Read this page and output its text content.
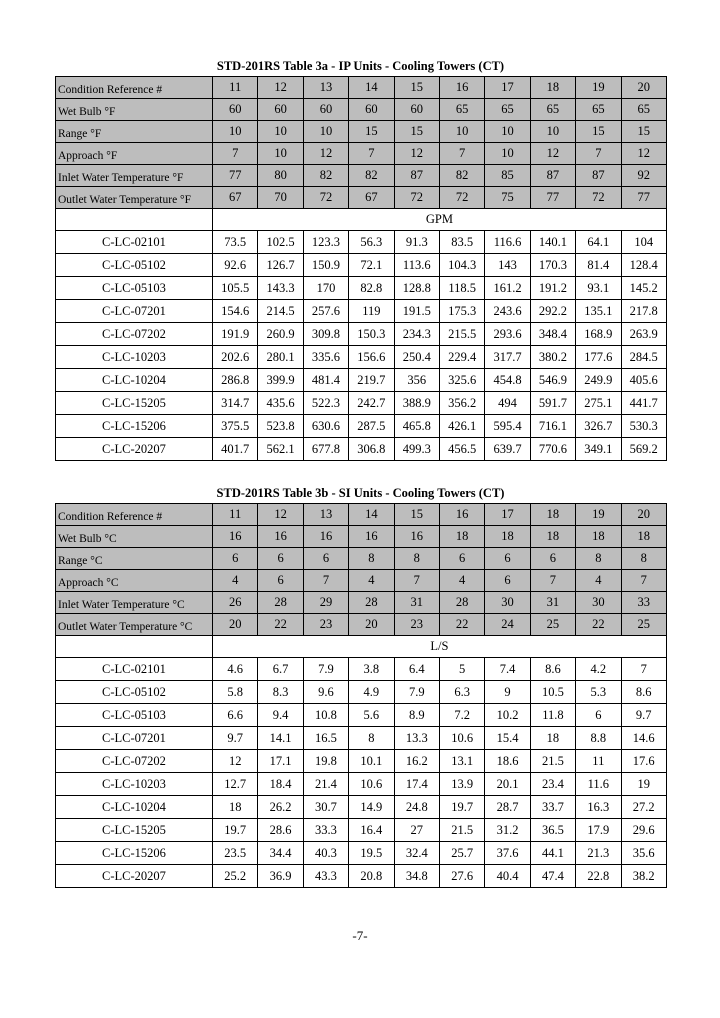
STD-201RS Table 3a - IP Units - Cooling Towers (CT)
Condition Reference #	11	12	13	14	15	16	17	18	19	20
Wet Bulb °F	60	60	60	60	60	65	65	65	65	65
Range °F	10	10	10	15	15	10	10	10	15	15
Approach °F	7	10	12	7	12	7	10	12	7	12
Inlet Water Temperature °F	77	80	82	82	87	82	85	87	87	92
Outlet Water Temperature °F	67	70	72	67	72	72	75	77	72	77
	GPM									
C-LC-02101	73.5	102.5	123.3	56.3	91.3	83.5	116.6	140.1	64.1	104
C-LC-05102	92.6	126.7	150.9	72.1	113.6	104.3	143	170.3	81.4	128.4
C-LC-05103	105.5	143.3	170	82.8	128.8	118.5	161.2	191.2	93.1	145.2
C-LC-07201	154.6	214.5	257.6	119	191.5	175.3	243.6	292.2	135.1	217.8
C-LC-07202	191.9	260.9	309.8	150.3	234.3	215.5	293.6	348.4	168.9	263.9
C-LC-10203	202.6	280.1	335.6	156.6	250.4	229.4	317.7	380.2	177.6	284.5
C-LC-10204	286.8	399.9	481.4	219.7	356	325.6	454.8	546.9	249.9	405.6
C-LC-15205	314.7	435.6	522.3	242.7	388.9	356.2	494	591.7	275.1	441.7
C-LC-15206	375.5	523.8	630.6	287.5	465.8	426.1	595.4	716.1	326.7	530.3
C-LC-20207	401.7	562.1	677.8	306.8	499.3	456.5	639.7	770.6	349.1	569.2
STD-201RS Table 3b - SI Units - Cooling Towers (CT)
Condition Reference #	11	12	13	14	15	16	17	18	19	20
Wet Bulb °C	16	16	16	16	16	18	18	18	18	18
Range °C	6	6	6	8	8	6	6	6	8	8
Approach °C	4	6	7	4	7	4	6	7	4	7
Inlet Water Temperature °C	26	28	29	28	31	28	30	31	30	33
Outlet Water Temperature °C	20	22	23	20	23	22	24	25	22	25
	L/S									
C-LC-02101	4.6	6.7	7.9	3.8	6.4	5	7.4	8.6	4.2	7
C-LC-05102	5.8	8.3	9.6	4.9	7.9	6.3	9	10.5	5.3	8.6
C-LC-05103	6.6	9.4	10.8	5.6	8.9	7.2	10.2	11.8	6	9.7
C-LC-07201	9.7	14.1	16.5	8	13.3	10.6	15.4	18	8.8	14.6
C-LC-07202	12	17.1	19.8	10.1	16.2	13.1	18.6	21.5	11	17.6
C-LC-10203	12.7	18.4	21.4	10.6	17.4	13.9	20.1	23.4	11.6	19
C-LC-10204	18	26.2	30.7	14.9	24.8	19.7	28.7	33.7	16.3	27.2
C-LC-15205	19.7	28.6	33.3	16.4	27	21.5	31.2	36.5	17.9	29.6
C-LC-15206	23.5	34.4	40.3	19.5	32.4	25.7	37.6	44.1	21.3	35.6
C-LC-20207	25.2	36.9	43.3	20.8	34.8	27.6	40.4	47.4	22.8	38.2
-7-
